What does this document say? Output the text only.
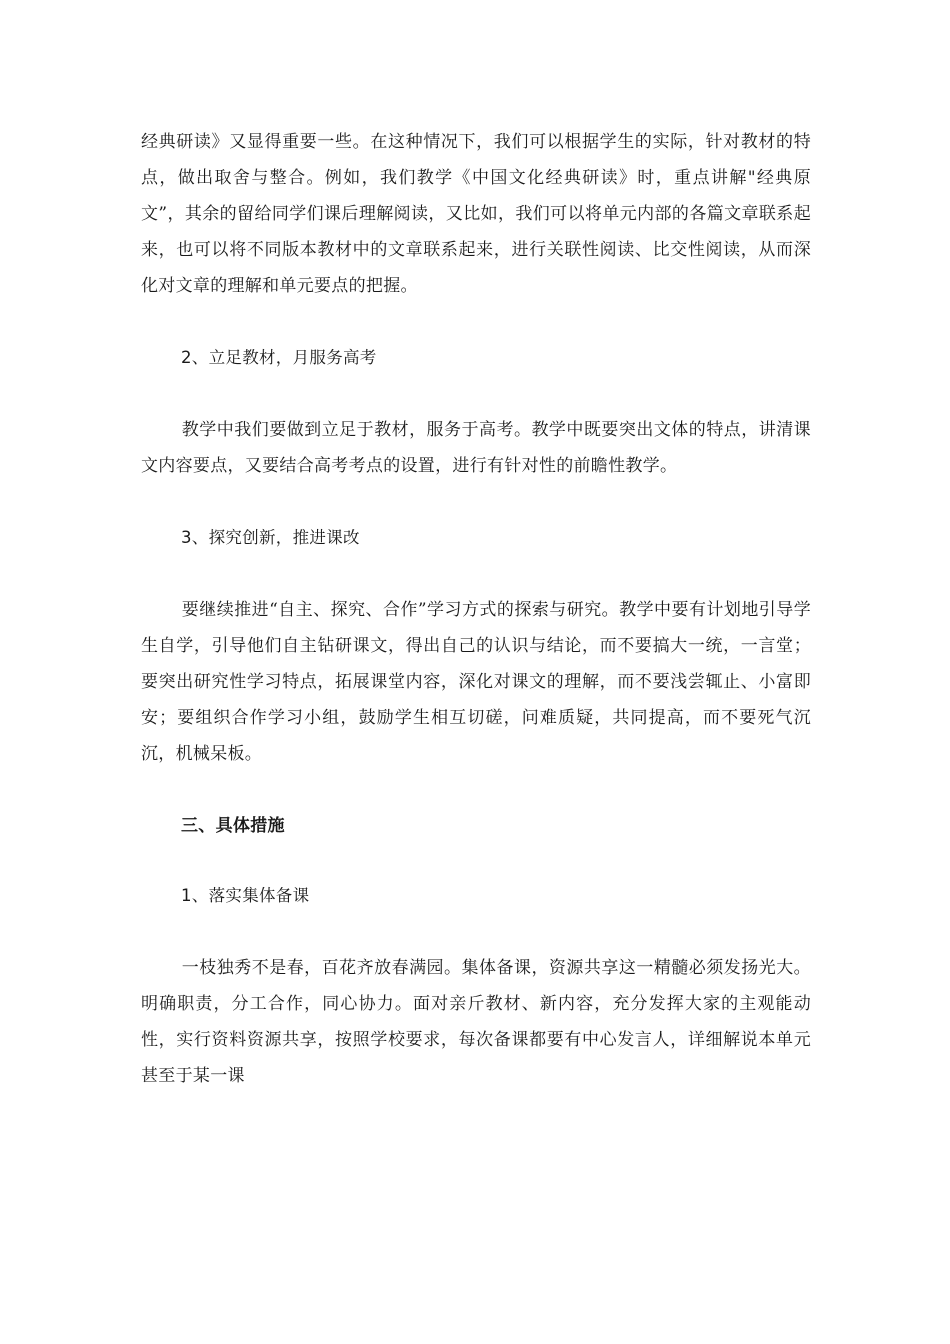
经典研读》又显得重要一些。在这种情况下，我们可以根据学生的实际，针对教材的特点，做出取舍与整合。例如，我们教学《中国文化经典研读》时，重点讲解"经典原文”，其余的留给同学们课后理解阅读，又比如，我们可以将单元内部的各篇文章联系起来，也可以将不同版本教材中的文章联系起来，进行关联性阅读、比交性阅读，从而深化对文章的理解和单元要点的把握。

2、立足教材，月服务高考

教学中我们要做到立足于教材，服务于高考。教学中既要突出文体的特点，讲清课文内容要点，又要结合高考考点的设置，进行有针对性的前瞻性教学。

3、探究创新，推进课改

要继续推进“自主、探究、合作”学习方式的探索与研究。教学中要有计划地引导学生自学，引导他们自主钻研课文，得出自己的认识与结论，而不要搞大一统，一言堂；要突出研究性学习特点，拓展课堂内容，深化对课文的理解，而不要浅尝辄止、小富即安；要组织合作学习小组，鼓励学生相互切磋，问难质疑，共同提高，而不要死气沉沉，机械呆板。

三、具体措施

1、落实集体备课

一枝独秀不是春，百花齐放春满园。集体备课，资源共享这一精髓必须发扬光大。明确职责，分工合作，同心协力。面对亲斤教材、新内容，充分发挥大家的主观能动性，实行资料资源共享，按照学校要求，每次备课都要有中心发言人，详细解说本单元甚至于某一课
